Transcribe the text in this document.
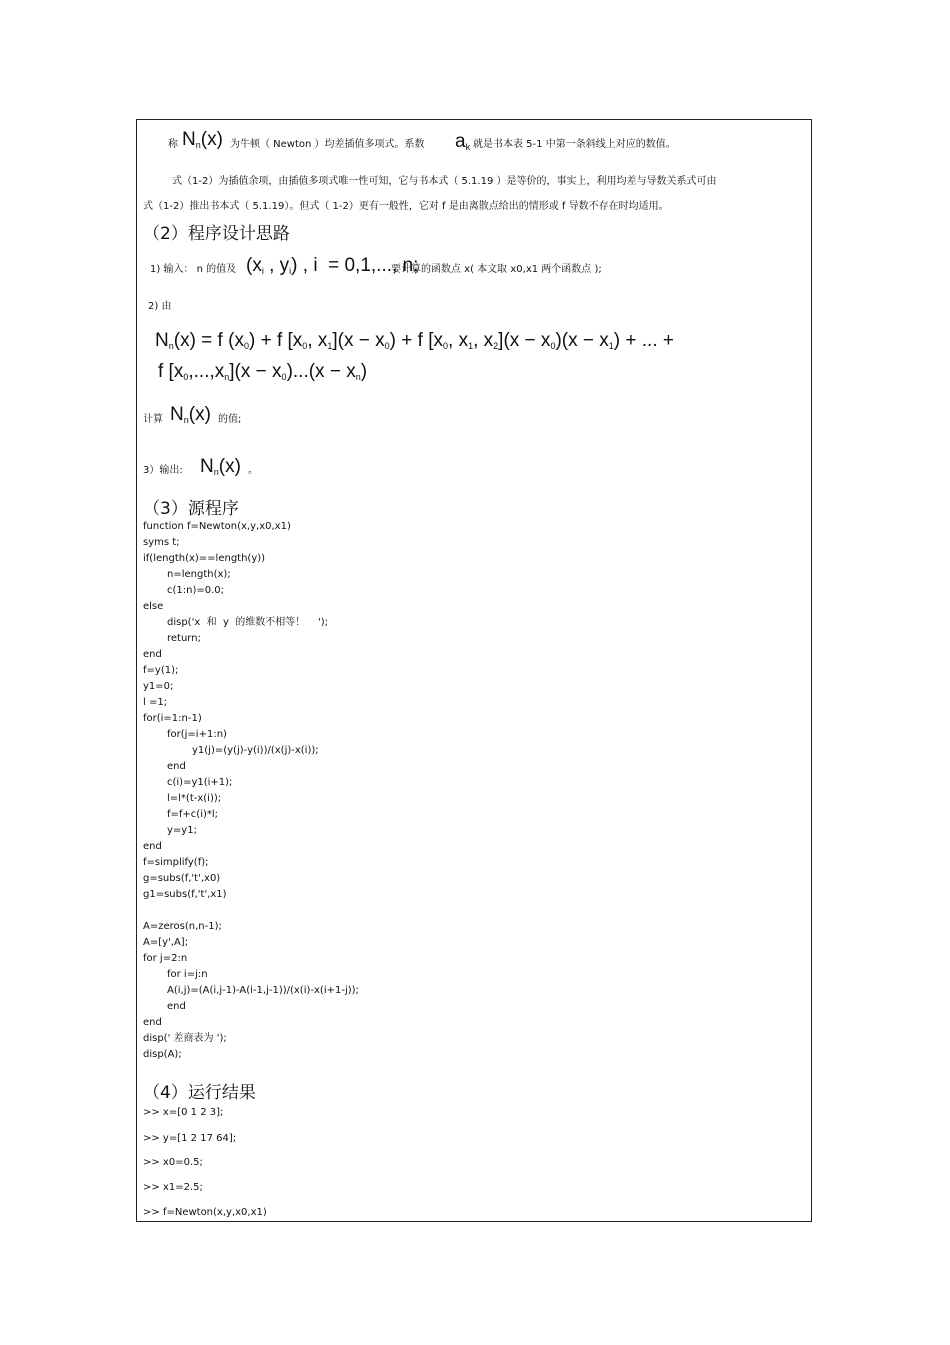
称 $N_n(x)$ 为牛顿（ Newton ）均差插值多项式。系数 $a_k$ 就是书本表 5-1 中第一条斜线上对应的数值。
式（1-2）为插值余项，由插值多项式唯一性可知，它与书本式（ 5.1.19 ）是等价的，事实上，利用均差与导数关系式可由
式（1-2）推出书本式（ 5.1.19）。但式（ 1-2）更有一般性，它对 f 是由离散点给出的情形或 f 导数不存在时均适用。
（2）程序设计思路
1) 输入： n 的值及 ($x_i$ , $y_i$) , i  = 0,1,..., n;
要计算的函数点 x( 本文取 x0,x1 两个函数点 );
2) 由
$N_n(x) = f$ $(x_0) + f$ [$x_0$, $x_1](x - x_0) + f$ [$x_0$, $x_1$, $x_2](x - x_0)(x - x_1)$ + ... +
f $[x_0,...,x_n](x - x_0)...(x - x_n)$
计算 $N_n(x)$ 的值;
3）输出: $N_n(x)$ 。
（3）源程序
function f=Newton(x,y,x0,x1)
syms t;
if(length(x)==length(y))
n=length(x);
c(1:n)=0.0;
else
disp('x  和  y  的维数不相等！    ');
return;
end
f=y(1);
y1=0;
l =1;
for(i=1:n-1)
for(j=i+1:n)
y1(j)=(y(j)-y(i))/(x(j)-x(i));
end
c(i)=y1(i+1);
l=l*(t-x(i));
f=f+c(i)*l;
y=y1;
end
f=simplify(f);
g=subs(f,'t',x0)
g1=subs(f,'t',x1)
A=zeros(n,n-1);
A=[y',A];
for j=2:n
for i=j:n
A(i,j)=(A(i,j-1)-A(i-1,j-1))/(x(i)-x(i+1-j));
end
end
disp(' 差商表为 ');
disp(A);
（4）运行结果
>> x=[0 1 2 3];
>> y=[1 2 17 64];
>> x0=0.5;
>> x1=2.5;
>> f=Newton(x,y,x0,x1)
